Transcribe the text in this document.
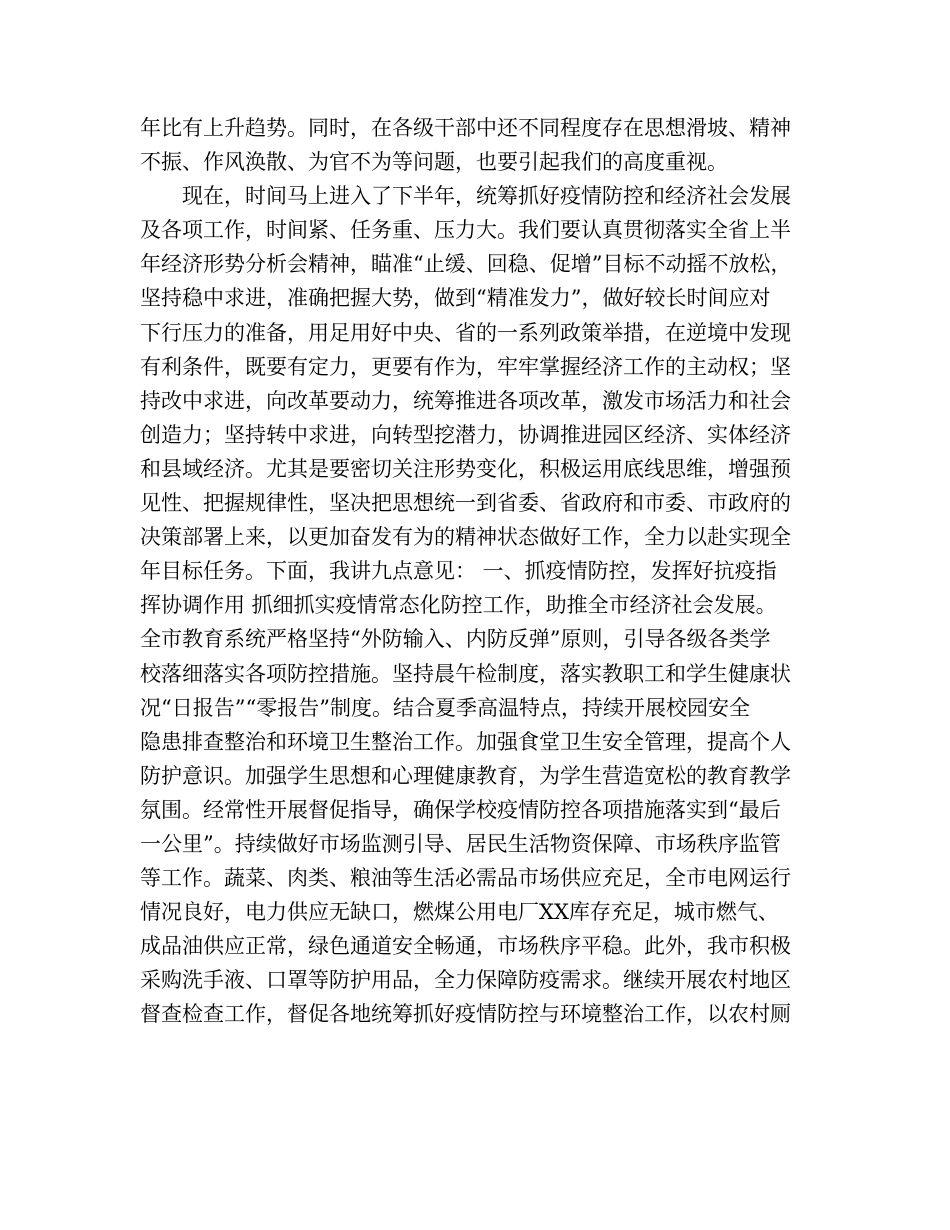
年比有上升趋势。同时，在各级干部中还不同程度存在思想滑坡、精神
不振、作风涣散、为官不为等问题，也要引起我们的高度重视。
现在，时间马上进入了下半年，统筹抓好疫情防控和经济社会发展
及各项工作，时间紧、任务重、压力大。我们要认真贯彻落实全省上半
年经济形势分析会精神，瞄准“止缓、回稳、促增”目标不动摇不放松，
坚持稳中求进，准确把握大势，做到“精准发力”，做好较长时间应对
下行压力的准备，用足用好中央、省的一系列政策举措，在逆境中发现
有利条件，既要有定力，更要有作为，牢牢掌握经济工作的主动权；坚
持改中求进，向改革要动力，统筹推进各项改革，激发市场活力和社会
创造力；坚持转中求进，向转型挖潜力，协调推进园区经济、实体经济
和县域经济。尤其是要密切关注形势变化，积极运用底线思维，增强预
见性、把握规律性，坚决把思想统一到省委、省政府和市委、市政府的
决策部署上来，以更加奋发有为的精神状态做好工作，全力以赴实现全
年目标任务。下面，我讲九点意见： 一、抓疫情防控，发挥好抗疫指
挥协调作用 抓细抓实疫情常态化防控工作，助推全市经济社会发展。
全市教育系统严格坚持“外防输入、内防反弹”原则，引导各级各类学
校落细落实各项防控措施。坚持晨午检制度，落实教职工和学生健康状
况“日报告”“零报告”制度。结合夏季高温特点，持续开展校园安全
隐患排查整治和环境卫生整治工作。加强食堂卫生安全管理，提高个人
防护意识。加强学生思想和心理健康教育，为学生营造宽松的教育教学
氛围。经常性开展督促指导，确保学校疫情防控各项措施落实到“最后
一公里”。持续做好市场监测引导、居民生活物资保障、市场秩序监管
等工作。蔬菜、肉类、粮油等生活必需品市场供应充足，全市电网运行
情况良好，电力供应无缺口，燃煤公用电厂XX库存充足，城市燃气、
成品油供应正常，绿色通道安全畅通，市场秩序平稳。此外，我市积极
采购洗手液、口罩等防护用品，全力保障防疫需求。继续开展农村地区
督查检查工作，督促各地统筹抓好疫情防控与环境整治工作，以农村厕
